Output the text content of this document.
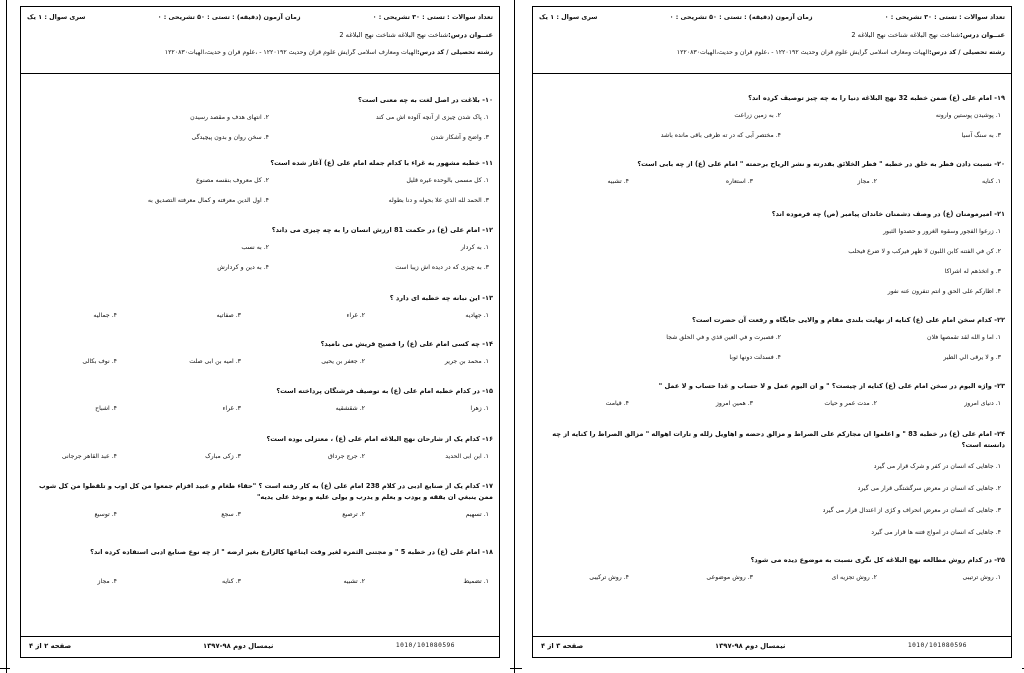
تعداد سوالات : تستی : ۳۰ تشریحی : ۰
زمان آزمون (دقیقه) : تستی : ۵۰ تشریحی : ۰
سری سوال : ۱ یک
عنــوان درس:شناخت نهج البلاغه شناخت نهج البلاغه 2
رشته تحصیلی / کد درس:الهیات ومعارف اسلامی گرایش علوم قرآن وحدیث ۱۲۲۰۱۹۲ - ،علوم قرآن و حدیث،الهیات۱۲۲۰۸۳۰
۱۰- بلاغت در اصل لغت به چه معنی است؟
۱. پاک شدن چیزی از آنچه آلوده اش می کند
۲. انتهای هدف و مقصد رسیدن
۳. واضح و آشکار شدن
۴. سخن روان و بدون پیچیدگی
۱۱- خطبه مشهور به غراء با کدام جمله امام علی (ع) آغاز شده است؟
۱. کل مسمی بالوحده غیره قلیل
۲. کل معروف بنفسه مصنوع
۳. الحمد لله الذي علا بحوله و دنا بطوله
۴. اول الدين معرفته و کمال معرفته التصديق به
۱۲- امام علی (ع) در حکمت 81 ارزش انسان را به چه چیزی می داند؟
۱. به کردار
۲. به نسب
۳. به چیزی که در دیده اش زیبا است
۴. به دین و کردارش
۱۳- این نبانه چه خطبه ای دارد ؟
۱. جهادیه
۲. غراء
۳. صفاتیه
۴. جمالیه
۱۴- چه کسی امام علی (ع) را فصیح قریش می نامید؟
۱. محمد بن جریر
۲. جعفر بن یحیی
۳. امیه بن ابی صلت
۴. نوف بکالی
۱۵- در کدام خطبه امام علی (ع) به توصیف فرشتگان پرداخته است؟
۱. زهرا
۲. شقشقیه
۳. غراء
۴. اشباح
۱۶- کدام یک از شارحان نهج البلاغه امام علی (ع) ، معتزلی بوده است؟
۱. ابن ابی الحدید
۲. جرج جرداق
۳. زکی مبارک
۴. عبد القاهر جرجانی
۱۷- کدام یک از صنایع ادبی در کلام 238 امام علی (ع) به کار رفته است ؟ "حقاء طغام و عبيد اقزام جمعوا من كل اوب و تلقطوا من كل شوب ممن ينبغي ان يفقه و يودب و يعلم و يدرب و يولى عليه و يوخذ على يديه"
۱. تسهیم
۲. ترصیع
۳. سجع
۴. توسیع
۱۸- امام علی (ع) در خطبه 5 " و مجتنی الثمره لغیر وقت ایناعها کالزارع بغیر ارضه " از چه نوع صنایع ادبی استفاده کرده اند؟
۱. تضمیط
۲. تشبیه
۳. کنایه
۴. مجاز
صفحه ۲ از ۴	نیمسال دوم ۹۸-۱۳۹۷	1010/101080596
تعداد سوالات : تستی : ۳۰ تشریحی : ۰
زمان آزمون (دقیقه) : تستی : ۵۰ تشریحی : ۰
سری سوال : ۱ یک
عنــوان درس:شناخت نهج البلاغه شناخت نهج البلاغه 2
رشته تحصیلی / کد درس:الهیات ومعارف اسلامی گرایش علوم قرآن وحدیث ۱۲۲۰۱۹۲ - ،علوم قرآن و حدیث،الهیات۱۲۲۰۸۳۰
۱۹- امام علی (ع) ضمن خطبه 32 نهج البلاغه دنیا را به چه چیز توصیف کرده اند؟
۱. پوشیدن پوستین وارونه
۲. به زمین زراعت
۳. به سنگ آسیا
۴. مختصر آبی که در ته ظرفی باقی مانده باشد
۲۰- نسبت دادن فطر به خلق در خطبه " فطر الخلائق بقدرته و نشر الرياح برحمته " امام علی (ع) از چه بابی است؟
۱. کنایه
۲. مجاز
۳. استعاره
۴. تشبیه
۲۱- امیرمومنان (ع) در وصف دشمنان خاندان پیامبر (ص) چه فرموده اند؟
۱. زرعوا الفجور وسقوه الغرور و حصدوا الثبور
۲. كن في الفتنه كابن اللبون لا ظهر فيركب و لا ضرع فيحلب
۳. و اتخذهم له اشراكا
۴. اظارکم علی الحق و انتم تنفرون عنه نفور
۲۲- کدام سخن امام علی (ع) کنایه از نهایت بلندی مقام و والایی جایگاه و رفعت آن حضرت است؟
۱. اما و الله لقد تقمصها فلان
۲. فصبرت و في العين قذي و في الحلق شجا
۳. و لا يرقى الي الطير
۴. فسدلت دونها ثوبا
۲۳- واژه الیوم در سخن امام علی (ع) کنایه از چیست؟ " و ان اليوم عمل و لا حساب و غدا حساب و لا عمل "
۱. دنیای امروز
۲. مدت عمر و حیات
۳. همین امروز
۴. قیامت
۲۴- امام علی (ع) در خطبه 83 " و اعلموا ان مجازكم على الصراط و مزالق دحضه و اهاويل زلله و تارات اهواله " مزالق الصراط را کنایه از چه دانسته است؟
۱. جاهایی که انسان در کفر و شرک قرار می گیرد
۲. جاهایی که انسان در معرض سرگشتگی قرار می گیرد
۳. جاهایی که انسان در معرض انحراف و کژی از اعتدال قرار می گیرد
۴. جاهایی که انسان در امواج فتنه ها قرار می گیرد
۲۵- در کدام روش مطالعه نهج البلاغه کل نگری نسبت به موضوع دیده می شود؟
۱. روش ترتیبی
۲. روش تجزیه ای
۳. روش موضوعی
۴. روش ترکیبی
صفحه ۳ از ۴	نیمسال دوم ۹۸-۱۳۹۷	1010/101080596
